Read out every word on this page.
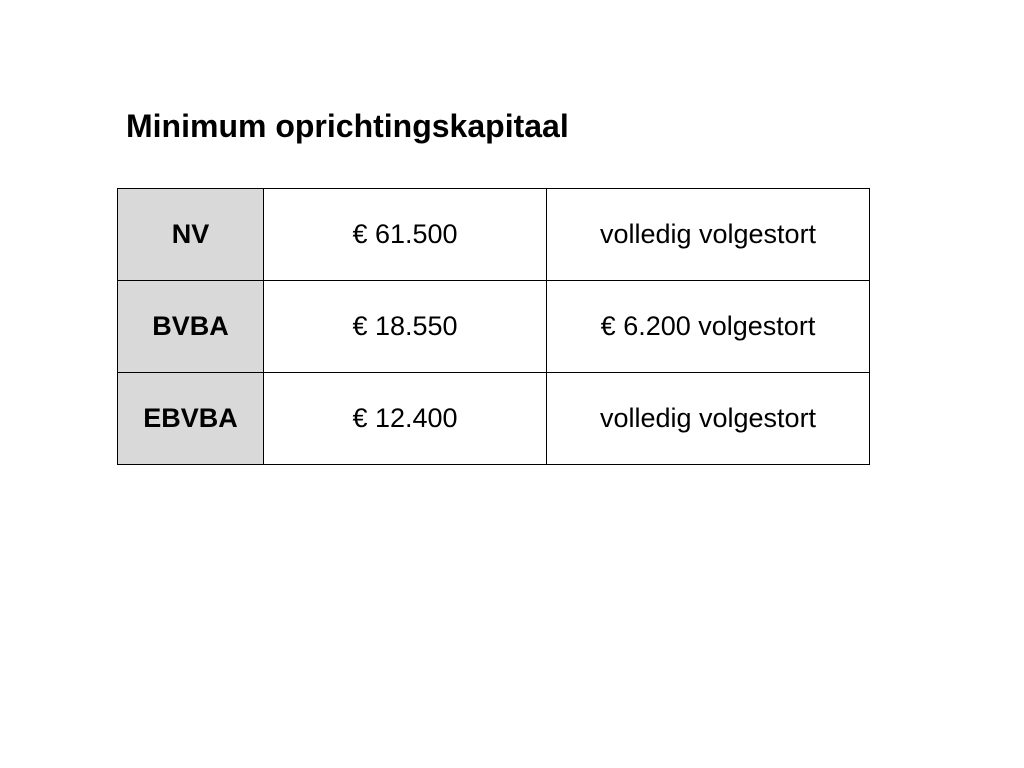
Minimum oprichtingskapitaal
NV	€ 61.500	volledig volgestort
BVBA	€ 18.550	€ 6.200 volgestort
EBVBA	€ 12.400	volledig volgestort
